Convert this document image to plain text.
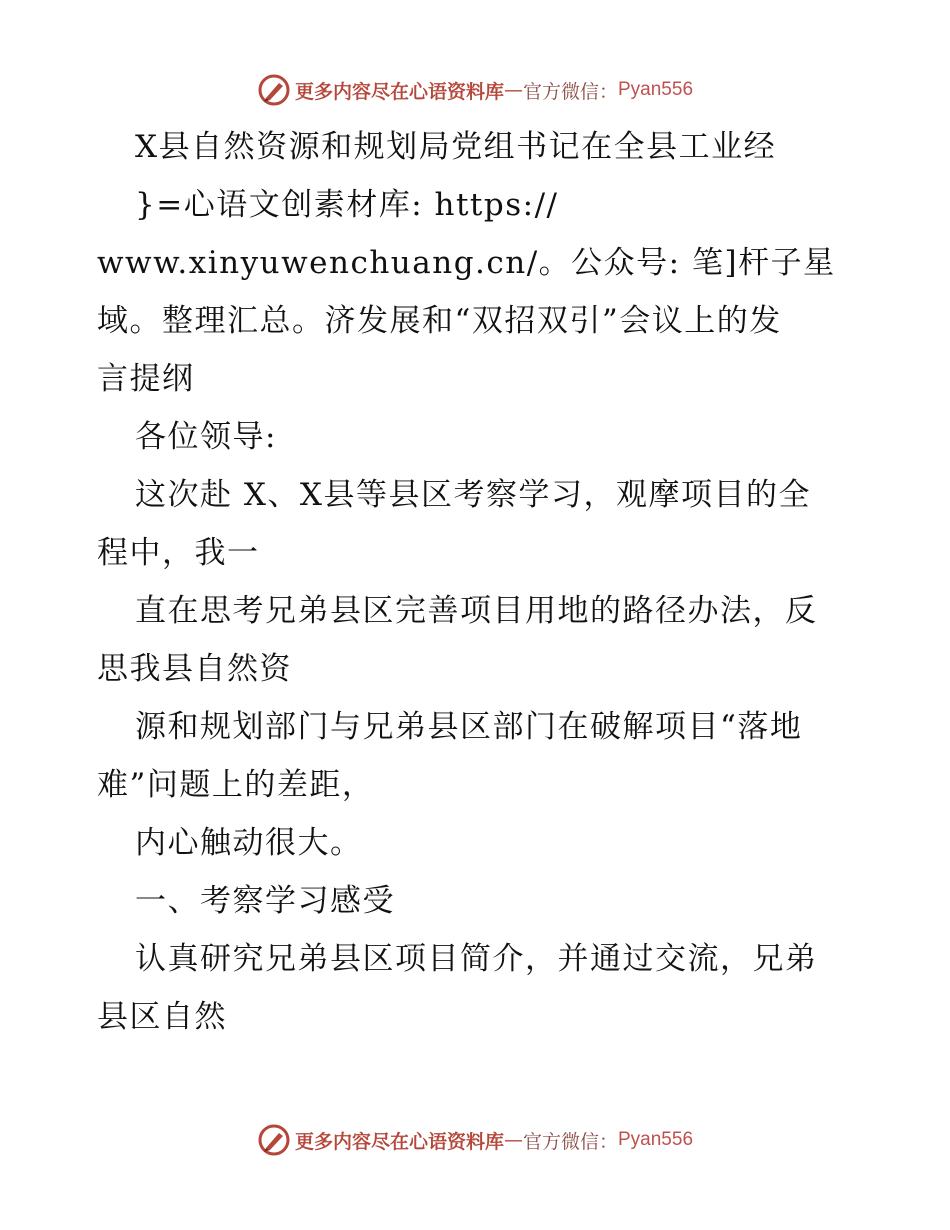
更多内容尽在心语资料库 — 官方微信： Pyan556
X县自然资源和规划局党组书记在全县工业经
}=心语文创素材库: https://
www.xinyuwenchuang.cn/。公众号: 笔]杆子星
域。整理汇总。济发展和“双招双引”会议上的发
言提纲
各位领导:
这次赴 X、X县等县区考察学习，观摩项目的全
程中，我一
直在思考兄弟县区完善项目用地的路径办法，反
思我县自然资
源和规划部门与兄弟县区部门在破解项目“落地
难”问题上的差距，
内心触动很大。
一、考察学习感受
认真研究兄弟县区项目简介，并通过交流，兄弟
县区自然
更多内容尽在心语资料库 — 官方微信： Pyan556
